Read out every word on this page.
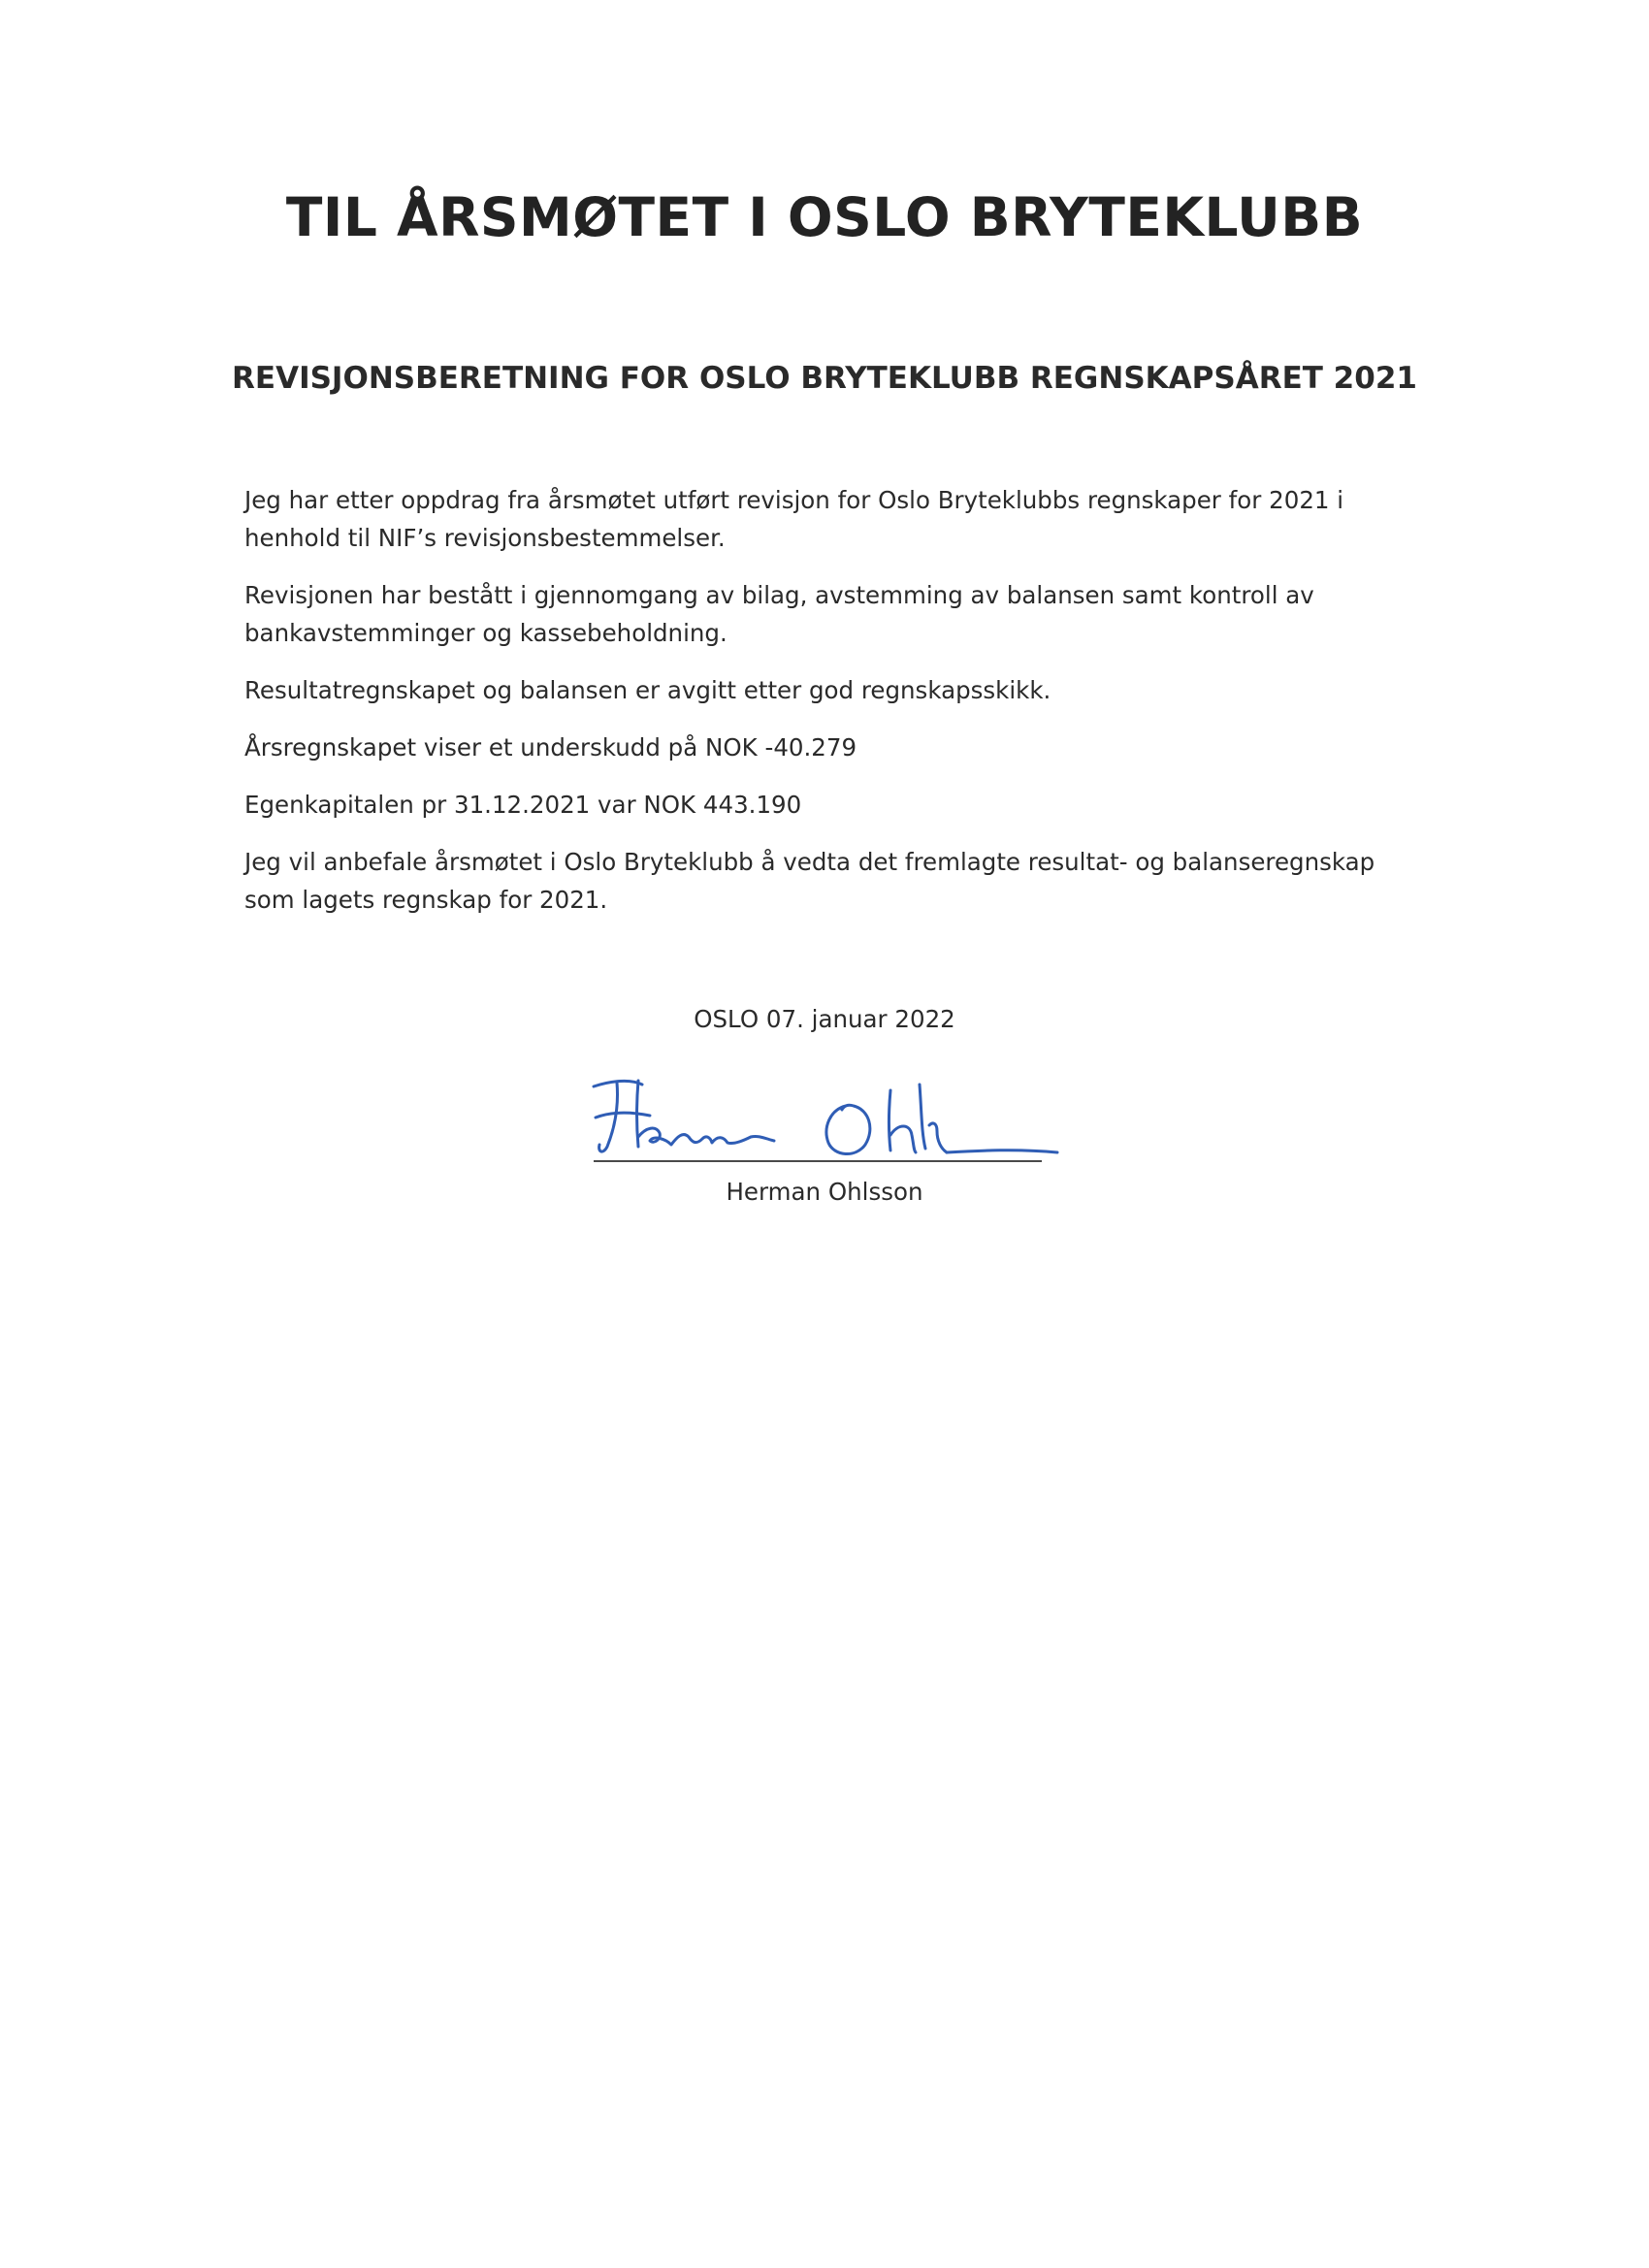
TIL ÅRSMØTET I OSLO BRYTEKLUBB
REVISJONSBERETNING FOR OSLO BRYTEKLUBB REGNSKAPSÅRET 2021

Jeg har etter oppdrag fra årsmøtet utført revisjon for Oslo Bryteklubbs regnskaper for 2021 i henhold til NIF’s revisjonsbestemmelser.

Revisjonen har bestått i gjennomgang av bilag, avstemming av balansen samt kontroll av bankavstemminger og kassebeholdning.

Resultatregnskapet og balansen er avgitt etter god regnskapsskikk.

Årsregnskapet viser et underskudd på NOK -40.279

Egenkapitalen pr 31.12.2021 var NOK 443.190

Jeg vil anbefale årsmøtet i Oslo Bryteklubb å vedta det fremlagte resultat- og balanseregnskap som lagets regnskap for 2021.

OSLO 07. januar 2022
Herman Ohlsson
